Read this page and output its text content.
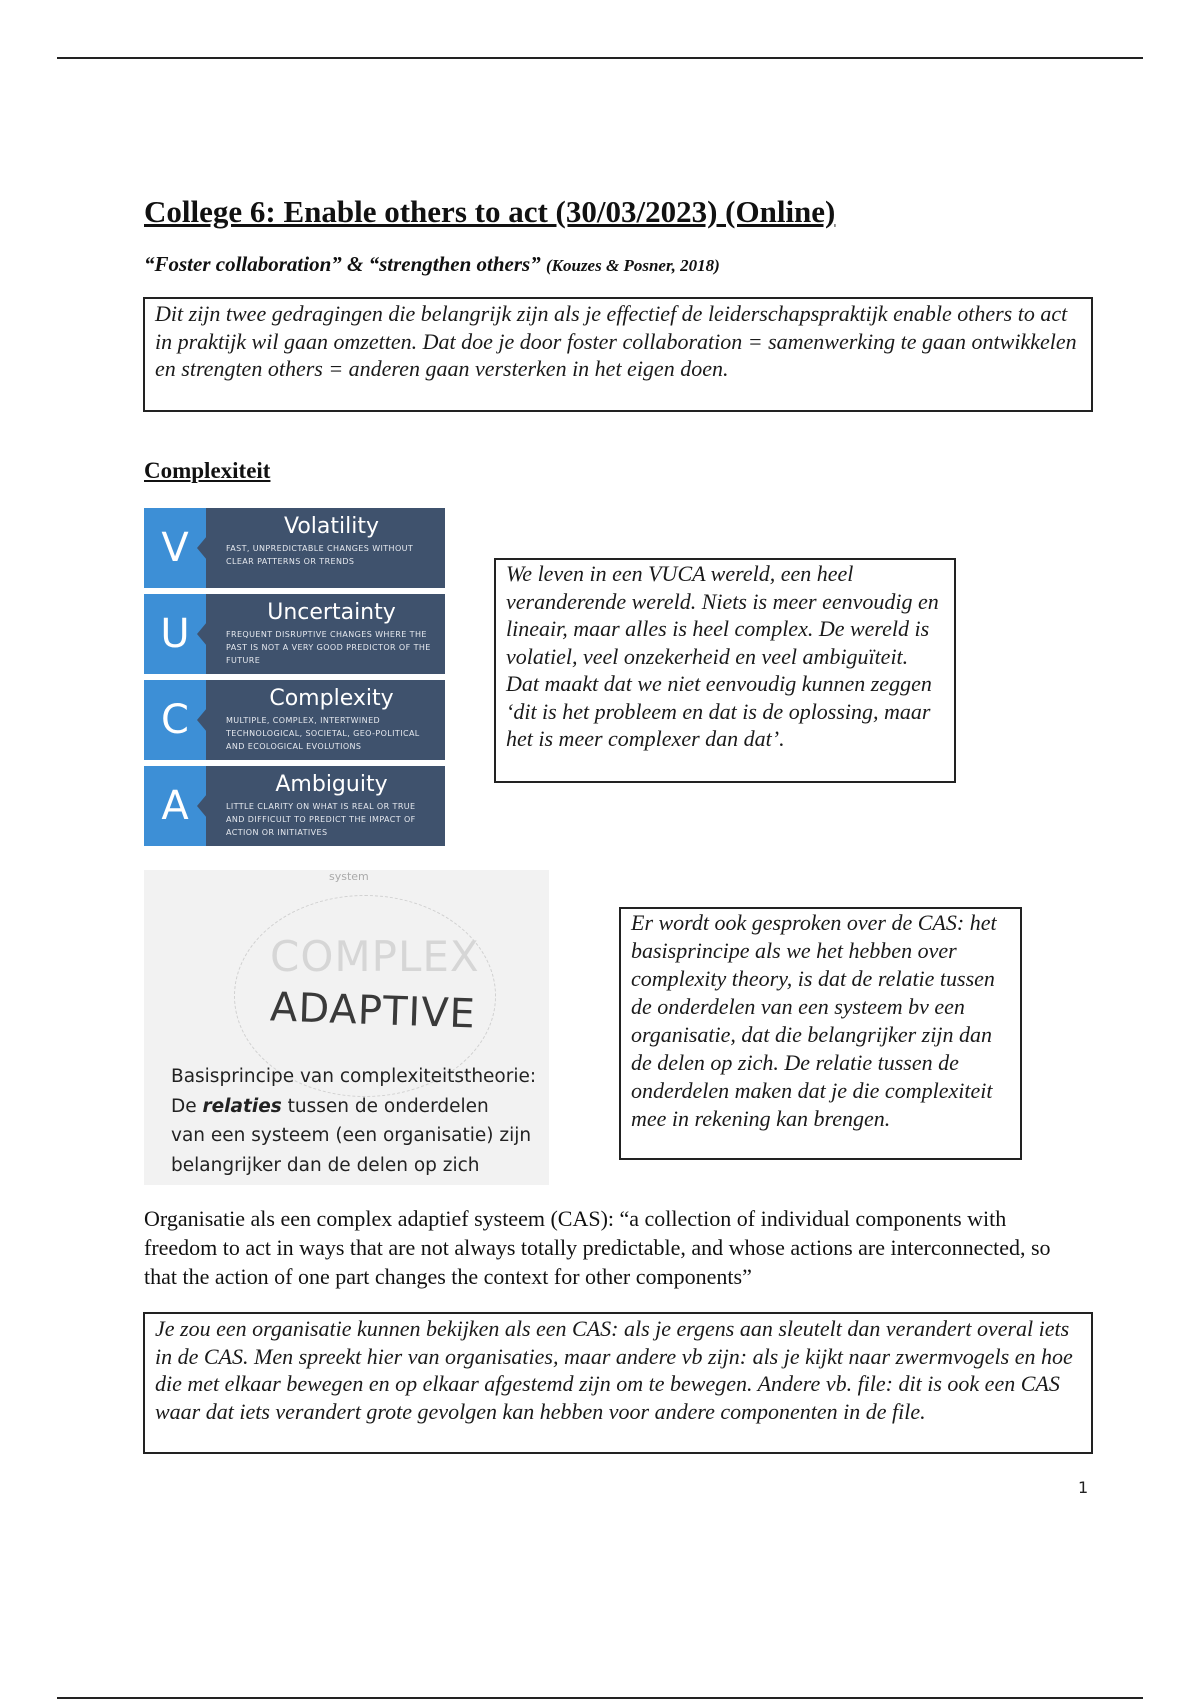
College 6: Enable others to act (30/03/2023) (Online)
“Foster collaboration” & “strengthen others” (Kouzes & Posner, 2018)
Dit zijn twee gedragingen die belangrijk zijn als je effectief de leiderschapspraktijk enable others to act in praktijk wil gaan omzetten. Dat doe je door foster collaboration = samenwerking te gaan ontwikkelen en strengten others = anderen gaan versterken in het eigen doen.
Complexiteit
V	Volatility
FAST, UNPREDICTABLE CHANGES WITHOUT CLEAR PATTERNS OR TRENDS
U	Uncertainty
FREQUENT DISRUPTIVE CHANGES WHERE THE PAST IS NOT A VERY GOOD PREDICTOR OF THE FUTURE
C	Complexity
MULTIPLE, COMPLEX, INTERTWINED TECHNOLOGICAL, SOCIETAL, GEO-POLITICAL AND ECOLOGICAL EVOLUTIONS
A	Ambiguity
LITTLE CLARITY ON WHAT IS REAL OR TRUE AND DIFFICULT TO PREDICT THE IMPACT OF ACTION OR INITIATIVES
We leven in een VUCA wereld, een heel veranderende wereld. Niets is meer eenvoudig en lineair, maar alles is heel complex. De wereld is volatiel, veel onzekerheid en veel ambiguïteit. Dat maakt dat we niet eenvoudig kunnen zeggen ‘dit is het probleem en dat is de oplossing, maar het is meer complexer dan dat’.
system
COMPLEX
ADAPTIVE
Basisprincipe van complexiteitstheorie:
De relaties tussen de onderdelen
van een systeem (een organisatie) zijn
belangrijker dan de delen op zich
Er wordt ook gesproken over de CAS: het basisprincipe als we het hebben over complexity theory, is dat de relatie tussen de onderdelen van een systeem bv een organisatie, dat die belangrijker zijn dan de delen op zich. De relatie tussen de onderdelen maken dat je die complexiteit mee in rekening kan brengen.
Organisatie als een complex adaptief systeem (CAS): “a collection of individual components with freedom to act in ways that are not always totally predictable, and whose actions are interconnected, so that the action of one part changes the context for other components”
Je zou een organisatie kunnen bekijken als een CAS: als je ergens aan sleutelt dan verandert overal iets in de CAS. Men spreekt hier van organisaties, maar andere vb zijn: als je kijkt naar zwermvogels en hoe die met elkaar bewegen en op elkaar afgestemd zijn om te bewegen. Andere vb. file: dit is ook een CAS waar dat iets verandert grote gevolgen kan hebben voor andere componenten in de file.
1
